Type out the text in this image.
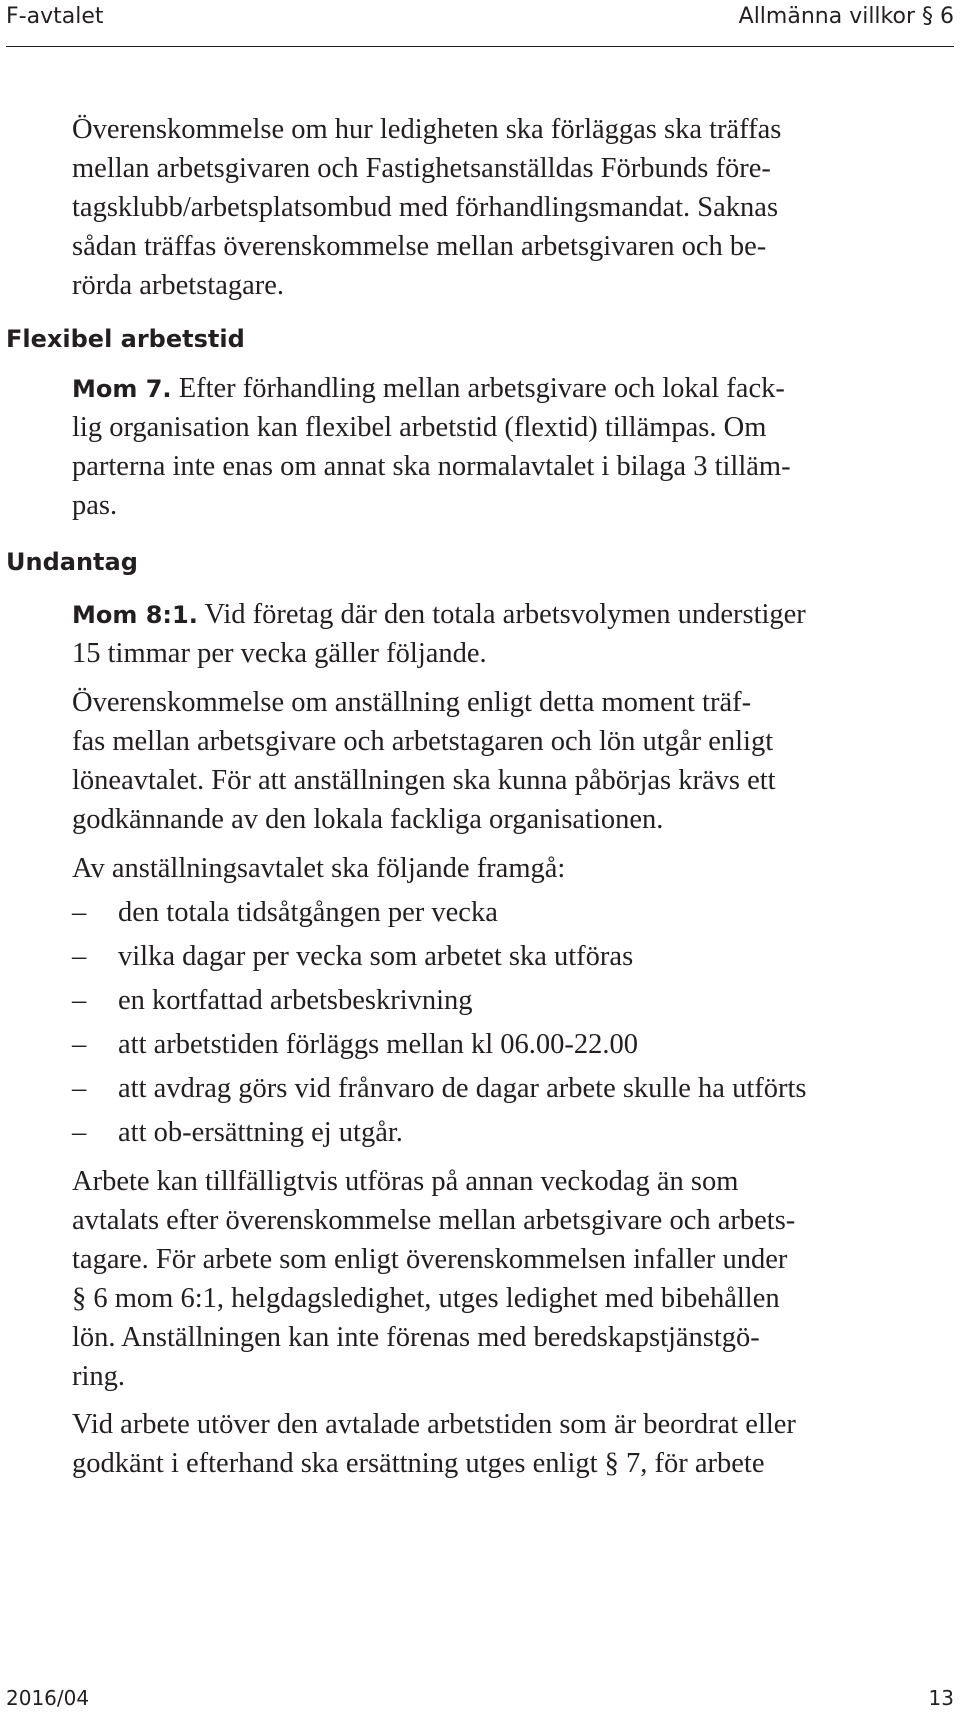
F-avtalet	Allmänna villkor § 6
Överenskommelse om hur ledigheten ska förläggas ska träffas
mellan arbetsgivaren och Fastighetsanställdas Förbunds före-
tagsklubb/arbetsplatsombud med förhandlingsmandat. Saknas
sådan träffas överenskommelse mellan arbetsgivaren och be-
rörda arbetstagare.
Flexibel arbetstid
Mom 7. Efter förhandling mellan arbetsgivare och lokal fack-
lig organisation kan flexibel arbetstid (flextid) tillämpas. Om
parterna inte enas om annat ska normalavtalet i bilaga 3 tilläm-
pas.
Undantag
Mom 8:1. Vid företag där den totala arbetsvolymen understiger
15 timmar per vecka gäller följande.
Överenskommelse om anställning enligt detta moment träf-
fas mellan arbetsgivare och arbetstagaren och lön utgår enligt
löneavtalet. För att anställningen ska kunna påbörjas krävs ett
godkännande av den lokala fackliga organisationen.
Av anställningsavtalet ska följande framgå:
– den totala tidsåtgången per vecka
– vilka dagar per vecka som arbetet ska utföras
– en kortfattad arbetsbeskrivning
– att arbetstiden förläggs mellan kl 06.00-22.00
– att avdrag görs vid frånvaro de dagar arbete skulle ha utförts
– att ob-ersättning ej utgår.
Arbete kan tillfälligtvis utföras på annan veckodag än som
avtalats efter överenskommelse mellan arbetsgivare och arbets-
tagare. För arbete som enligt överenskommelsen infaller under
§ 6 mom 6:1, helgdagsledighet, utges ledighet med bibehållen
lön. Anställningen kan inte förenas med beredskapstjänstgö-
ring.
Vid arbete utöver den avtalade arbetstiden som är beordrat eller
godkänt i efterhand ska ersättning utges enligt § 7, för arbete
2016/04	13
